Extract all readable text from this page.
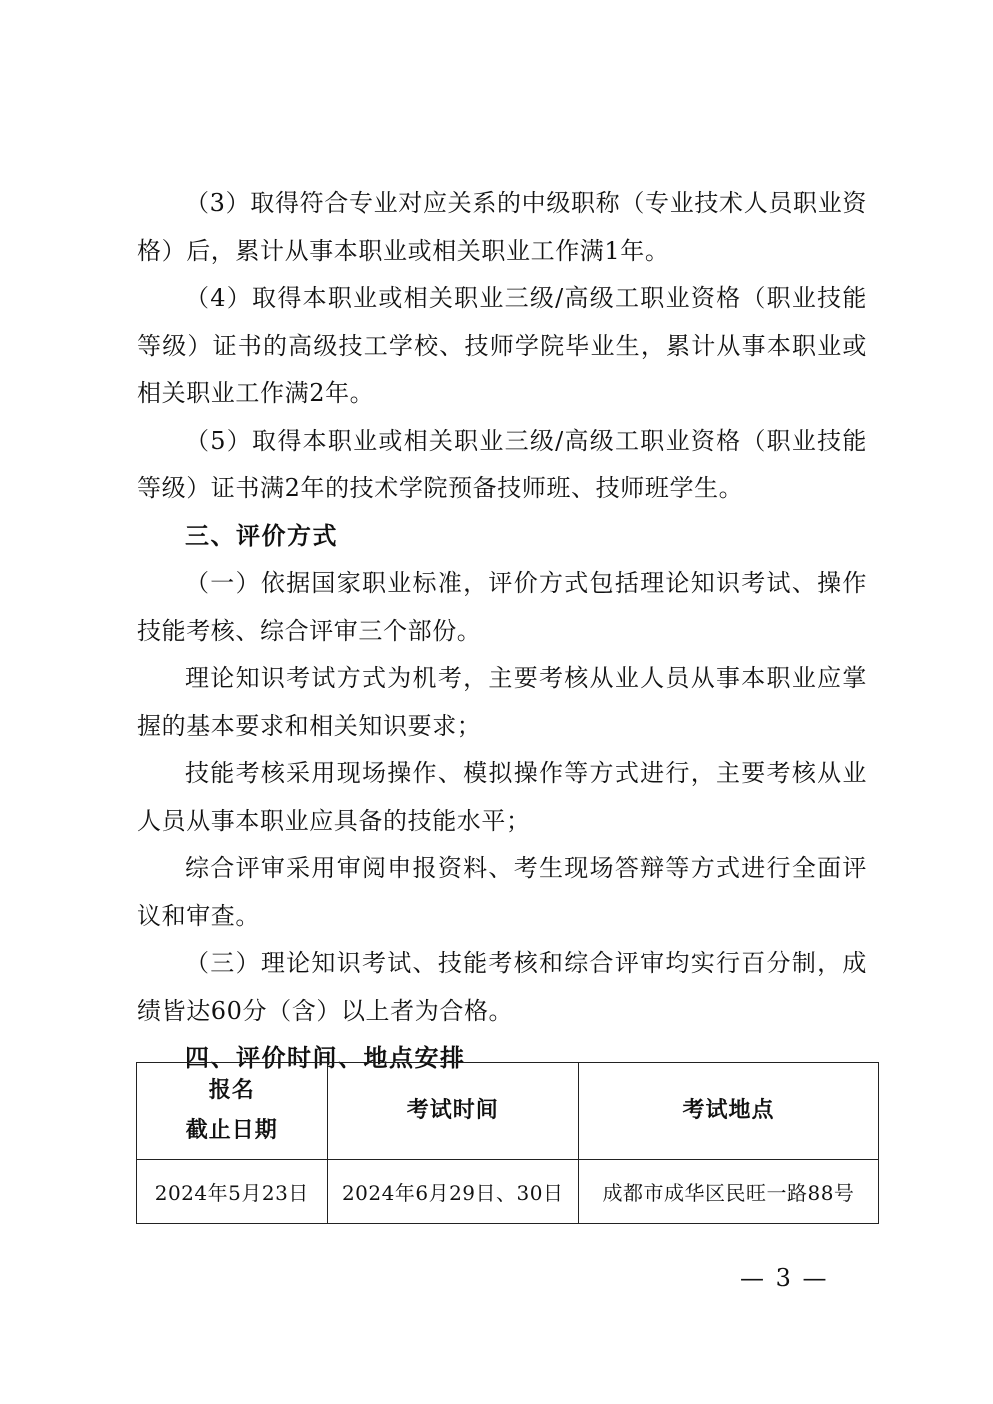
（3）取得符合专业对应关系的中级职称（专业技术人员职业资格）后，累计从事本职业或相关职业工作满1年。

（4）取得本职业或相关职业三级/高级工职业资格（职业技能等级）证书的高级技工学校、技师学院毕业生，累计从事本职业或相关职业工作满2年。

（5）取得本职业或相关职业三级/高级工职业资格（职业技能等级）证书满2年的技术学院预备技师班、技师班学生。

三、评价方式

（一）依据国家职业标准，评价方式包括理论知识考试、操作技能考核、综合评审三个部份。

理论知识考试方式为机考，主要考核从业人员从事本职业应掌握的基本要求和相关知识要求；

技能考核采用现场操作、模拟操作等方式进行，主要考核从业人员从事本职业应具备的技能水平；

综合评审采用审阅申报资料、考生现场答辩等方式进行全面评议和审查。

（三）理论知识考试、技能考核和综合评审均实行百分制，成绩皆达60分（含）以上者为合格。

四、评价时间、地点安排

报名
截止日期	考试时间	考试地点
2024年5月23日	2024年6月29日、30日	成都市成华区民旺一路88号
— 3 —
